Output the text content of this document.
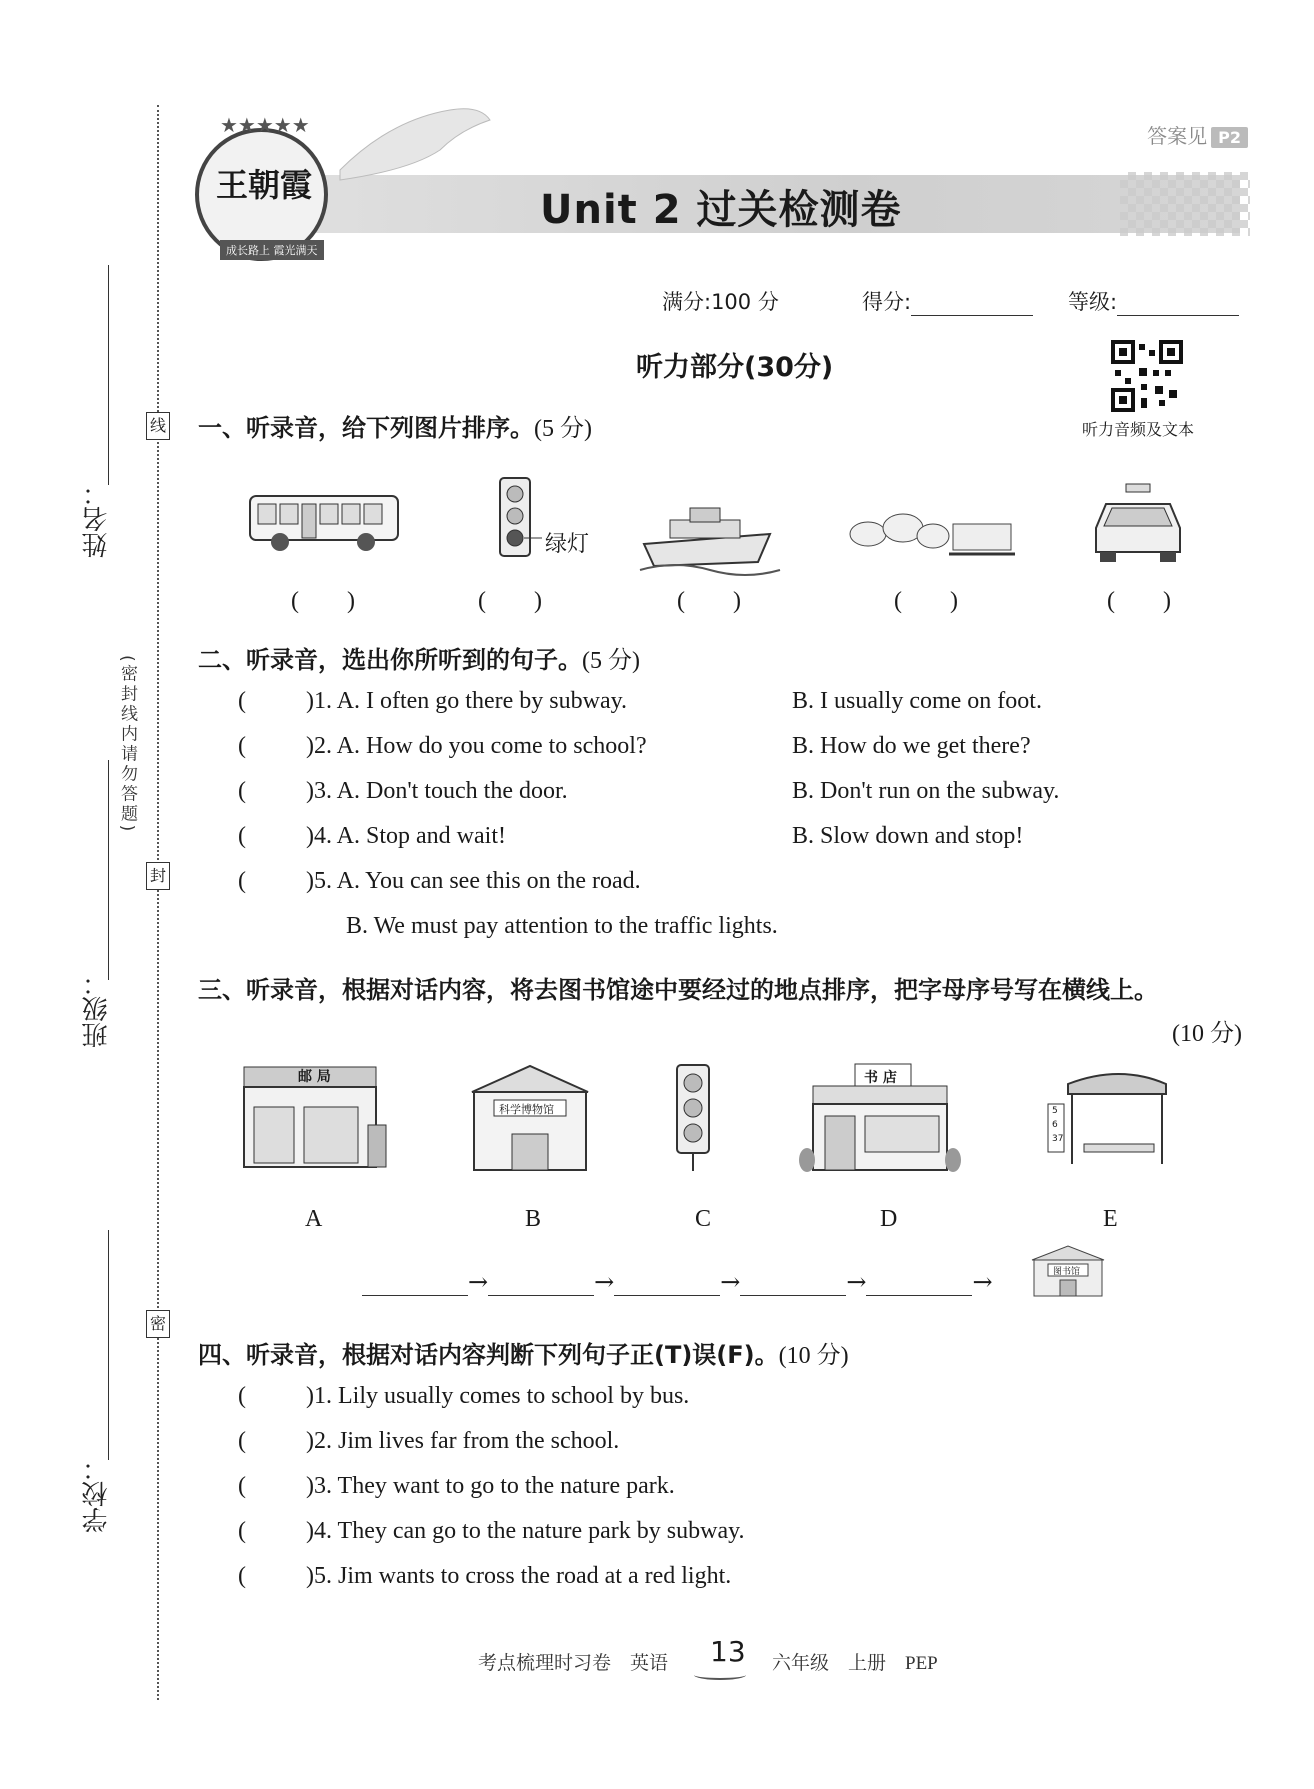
姓名：
班级：
学校：
线
封
密
(密封线内请勿答题)
答案见 P2
★★★★★
王朝霞
成长路上 霞光满天
Unit 2 过关检测卷
满分:100 分	得分:	等级:
听力部分(30分)
听力音频及文本
一、听录音，给下列图片排序。(5 分)
绿灯
(　　)	(　　)	(　　)	(　　)	(　　)
二、听录音，选出你所听到的句子。(5 分)
(	)1. A. I often go there by subway.	B. I usually come on foot.
(	)2. A. How do you come to school?	B. How do we get there?
(	)3. A. Don't touch the door.	B. Don't run on the subway.
(	)4. A. Stop and wait!	B. Slow down and stop!
(	)5. A. You can see this on the road.
B. We must pay attention to the traffic lights.
三、听录音，根据对话内容，将去图书馆途中要经过的地点排序，把字母序号写在横线上。
(10 分)
邮 局
科学博物馆
书 店
5
6
37
A	B	C	D	E
→	→	→	→	→	图书馆
四、听录音，根据对话内容判断下列句子正(T)误(F)。(10 分)
(	)1. Lily usually comes to school by bus.
(	)2. Jim lives far from the school.
(	)3. They want to go to the nature park.
(	)4. They can go to the nature park by subway.
(	)5. Jim wants to cross the road at a red light.
考点梳理时习卷　英语 13 六年级　上册　PEP
